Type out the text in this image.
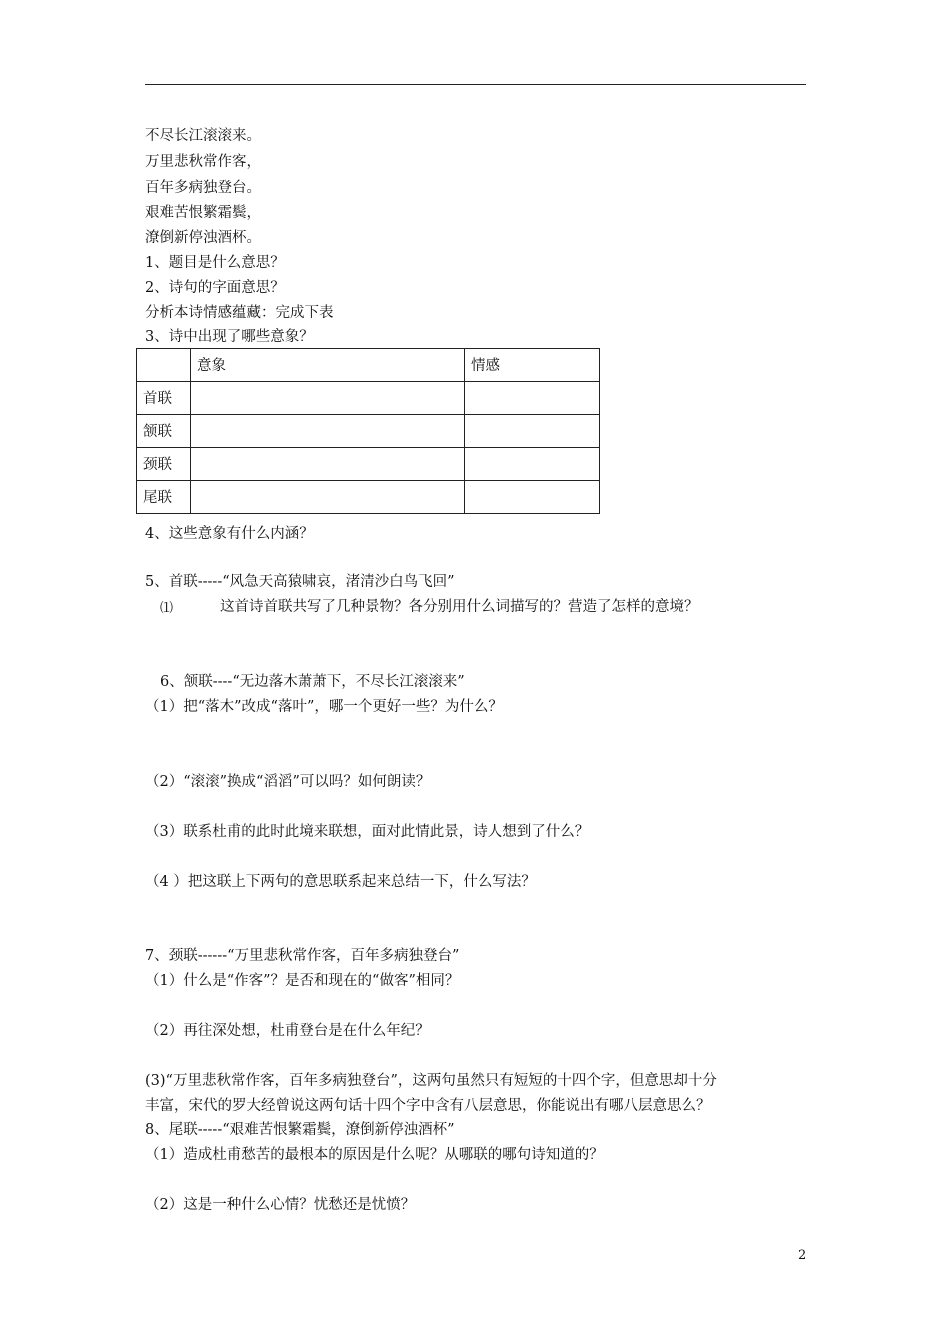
不尽长江滚滚来。
万里悲秋常作客，
百年多病独登台。
艰难苦恨繁霜鬓，
潦倒新停浊酒杯。
1、题目是什么意思？
2、诗句的字面意思？
分析本诗情感蕴藏：完成下表
3、诗中出现了哪些意象？
	意象	情感
首联		
颔联		
颈联		
尾联		
4、这些意象有什么内涵？
5、首联-----“风急天高猿啸哀，渚清沙白鸟飞回”
⑴	这首诗首联共写了几种景物？各分别用什么词描写的？营造了怎样的意境？
6、颔联----“无边落木萧萧下，不尽长江滚滚来”
（1）把“落木”改成“落叶”，哪一个更好一些？为什么？
（2）“滚滚”换成“滔滔”可以吗？如何朗读？
（3）联系杜甫的此时此境来联想，面对此情此景，诗人想到了什么？
（4 ）把这联上下两句的意思联系起来总结一下，什么写法？
7、颈联------“万里悲秋常作客，百年多病独登台”
（1）什么是“作客”？是否和现在的“做客”相同？
（2）再往深处想，杜甫登台是在什么年纪？
(3)“万里悲秋常作客，百年多病独登台”，这两句虽然只有短短的十四个字，但意思却十分
丰富，宋代的罗大经曾说这两句话十四个字中含有八层意思，你能说出有哪八层意思么？
8、尾联-----“艰难苦恨繁霜鬓，潦倒新停浊酒杯”
（1）造成杜甫愁苦的最根本的原因是什么呢？从哪联的哪句诗知道的？
（2）这是一种什么心情？忧愁还是忧愤？
2
